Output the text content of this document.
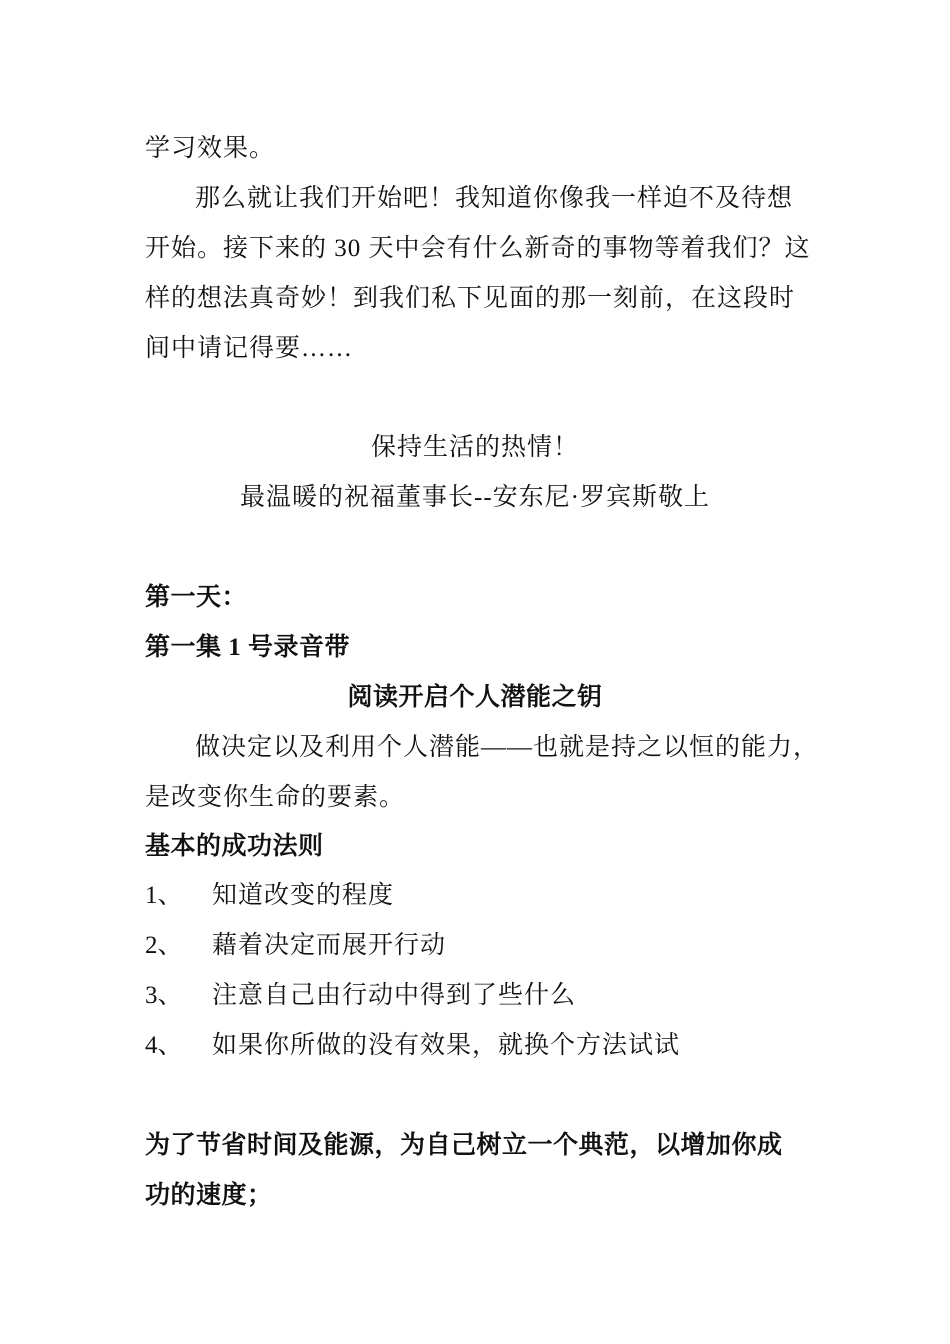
学习效果。
那么就让我们开始吧！我知道你像我一样迫不及待想
开始。接下来的 30 天中会有什么新奇的事物等着我们？这
样的想法真奇妙！到我们私下见面的那一刻前，在这段时
间中请记得要……
保持生活的热情！
最温暖的祝福董事长--安东尼·罗宾斯敬上
第一天：
第一集 1 号录音带
阅读开启个人潜能之钥
做决定以及利用个人潜能——也就是持之以恒的能力，
是改变你生命的要素。
基本的成功法则
1、 知道改变的程度
2、 藉着决定而展开行动
3、 注意自己由行动中得到了些什么
4、 如果你所做的没有效果，就换个方法试试
为了节省时间及能源，为自己树立一个典范，以增加你成
功的速度；
